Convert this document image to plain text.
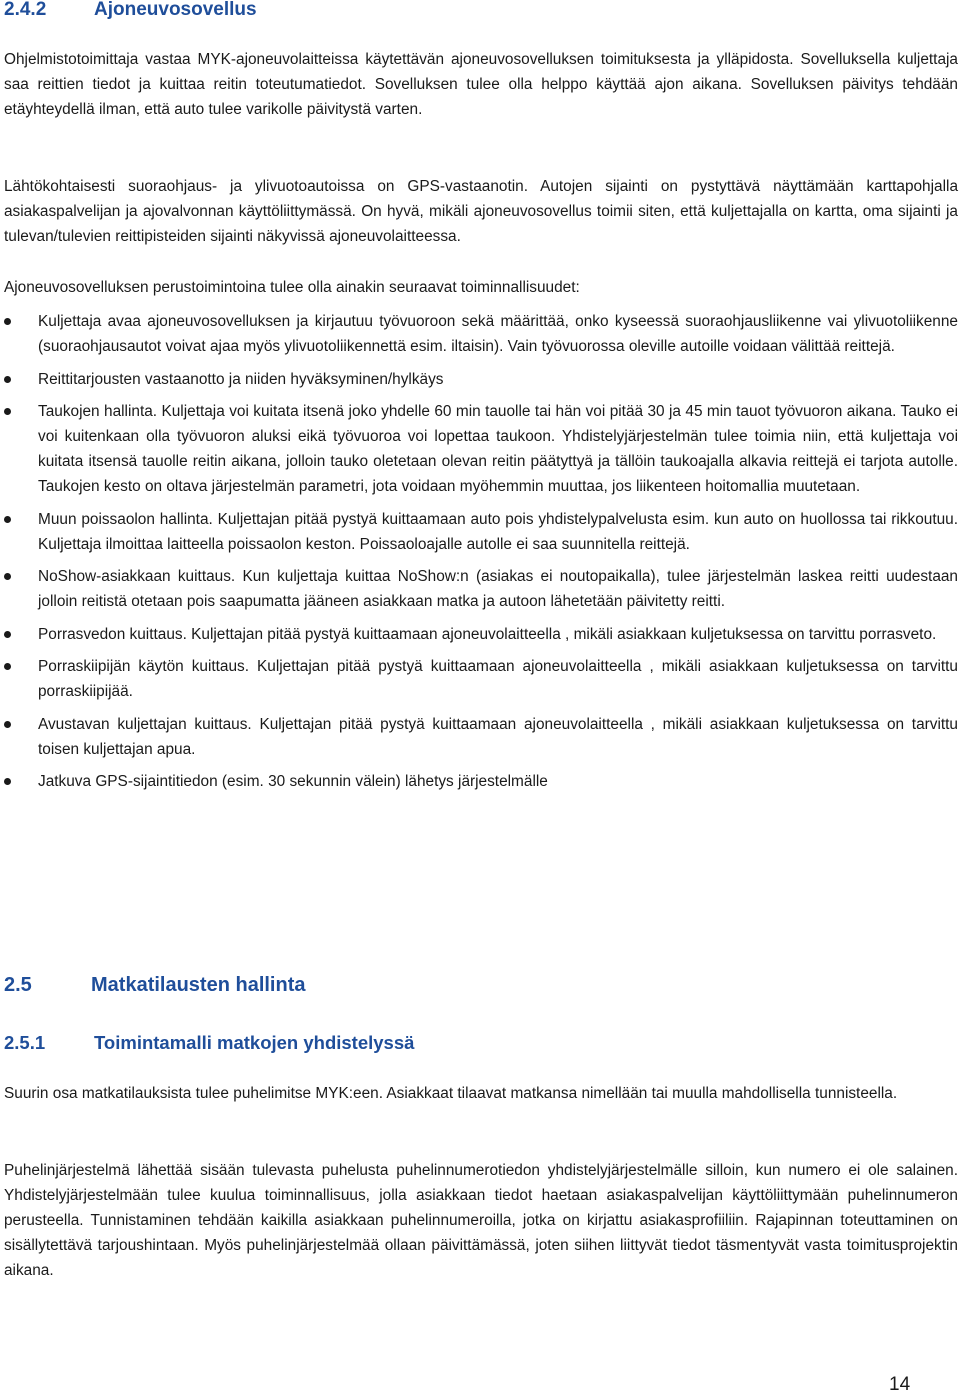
2.4.2	Ajoneuvosovellus

Ohjelmistotoimittaja vastaa MYK-ajoneuvolaitteissa käytettävän ajoneuvosovelluksen toimituksesta ja ylläpidosta. Sovelluksella kuljettaja saa reittien tiedot ja kuittaa reitin toteutumatiedot. Sovelluksen tulee olla helppo käyttää ajon aikana. Sovelluksen päivitys tehdään etäyhteydellä ilman, että auto tulee varikolle päivitystä varten.

Lähtökohtaisesti suoraohjaus- ja ylivuotoautoissa on GPS-vastaanotin. Autojen sijainti on pystyttävä näyttämään karttapohjalla asiakaspalvelijan ja ajovalvonnan käyttöliittymässä. On hyvä, mikäli ajoneuvosovellus toimii siten, että kuljettajalla on kartta, oma sijainti ja tulevan/tulevien reittipisteiden sijainti näkyvissä ajoneuvolaitteessa.

Ajoneuvosovelluksen perustoimintoina tulee olla ainakin seuraavat toiminnallisuudet:

Kuljettaja avaa ajoneuvosovelluksen ja kirjautuu työvuoroon sekä määrittää, onko kyseessä suoraohjausliikenne vai ylivuotoliikenne (suoraohjausautot voivat ajaa myös ylivuotoliikennettä esim. iltaisin). Vain työvuorossa oleville autoille voidaan välittää reittejä.
Reittitarjousten vastaanotto ja niiden hyväksyminen/hylkäys
Taukojen hallinta. Kuljettaja voi kuitata itsenä joko yhdelle 60 min tauolle tai hän voi pitää 30 ja 45 min tauot työvuoron aikana. Tauko ei voi kuitenkaan olla työvuoron aluksi eikä työvuoroa voi lopettaa taukoon. Yhdistelyjärjestelmän tulee toimia niin, että kuljettaja voi kuitata itsensä tauolle reitin aikana, jolloin tauko oletetaan olevan reitin päätyttyä ja tällöin taukoajalla alkavia reittejä ei tarjota autolle. Taukojen kesto on oltava järjestelmän parametri, jota voidaan myöhemmin muuttaa, jos liikenteen hoitomallia muutetaan.
Muun poissaolon hallinta. Kuljettajan pitää pystyä kuittaamaan auto pois yhdistelypalvelusta esim. kun auto on huollossa tai rikkoutuu. Kuljettaja ilmoittaa laitteella poissaolon keston. Poissaoloajalle autolle ei saa suunnitella reittejä.
NoShow-asiakkaan kuittaus. Kun kuljettaja kuittaa NoShow:n (asiakas ei noutopaikalla), tulee järjestelmän laskea reitti uudestaan jolloin reitistä otetaan pois saapumatta jääneen asiakkaan matka ja autoon lähetetään päivitetty reitti.
Porrasvedon kuittaus. Kuljettajan pitää pystyä kuittaamaan ajoneuvolaitteella , mikäli asiakkaan kuljetuksessa on tarvittu porrasveto.
Porraskiipijän käytön kuittaus. Kuljettajan pitää pystyä kuittaamaan ajoneuvolaitteella , mikäli asiakkaan kuljetuksessa on tarvittu porraskiipijää.
Avustavan kuljettajan kuittaus. Kuljettajan pitää pystyä kuittaamaan ajoneuvolaitteella , mikäli asiakkaan kuljetuksessa on tarvittu toisen kuljettajan apua.
Jatkuva GPS-sijaintitiedon (esim. 30 sekunnin välein) lähetys järjestelmälle
2.5	Matkatilausten hallinta
2.5.1	Toimintamalli matkojen yhdistelyssä

Suurin osa matkatilauksista tulee puhelimitse MYK:een. Asiakkaat tilaavat matkansa nimellään tai muulla mahdollisella tunnisteella.

Puhelinjärjestelmä lähettää sisään tulevasta puhelusta puhelinnumerotiedon yhdistelyjärjestelmälle silloin, kun numero ei ole salainen. Yhdistelyjärjestelmään tulee kuulua toiminnallisuus, jolla asiakkaan tiedot haetaan asiakaspalvelijan käyttöliittymään puhelinnumeron perusteella. Tunnistaminen tehdään kaikilla asiakkaan puhelinnumeroilla, jotka on kirjattu asiakasprofiiliin. Rajapinnan toteuttaminen on sisällytettävä tarjoushintaan. Myös puhelinjärjestelmää ollaan päivittämässä, joten siihen liittyvät tiedot täsmentyvät vasta toimitusprojektin aikana.

14
